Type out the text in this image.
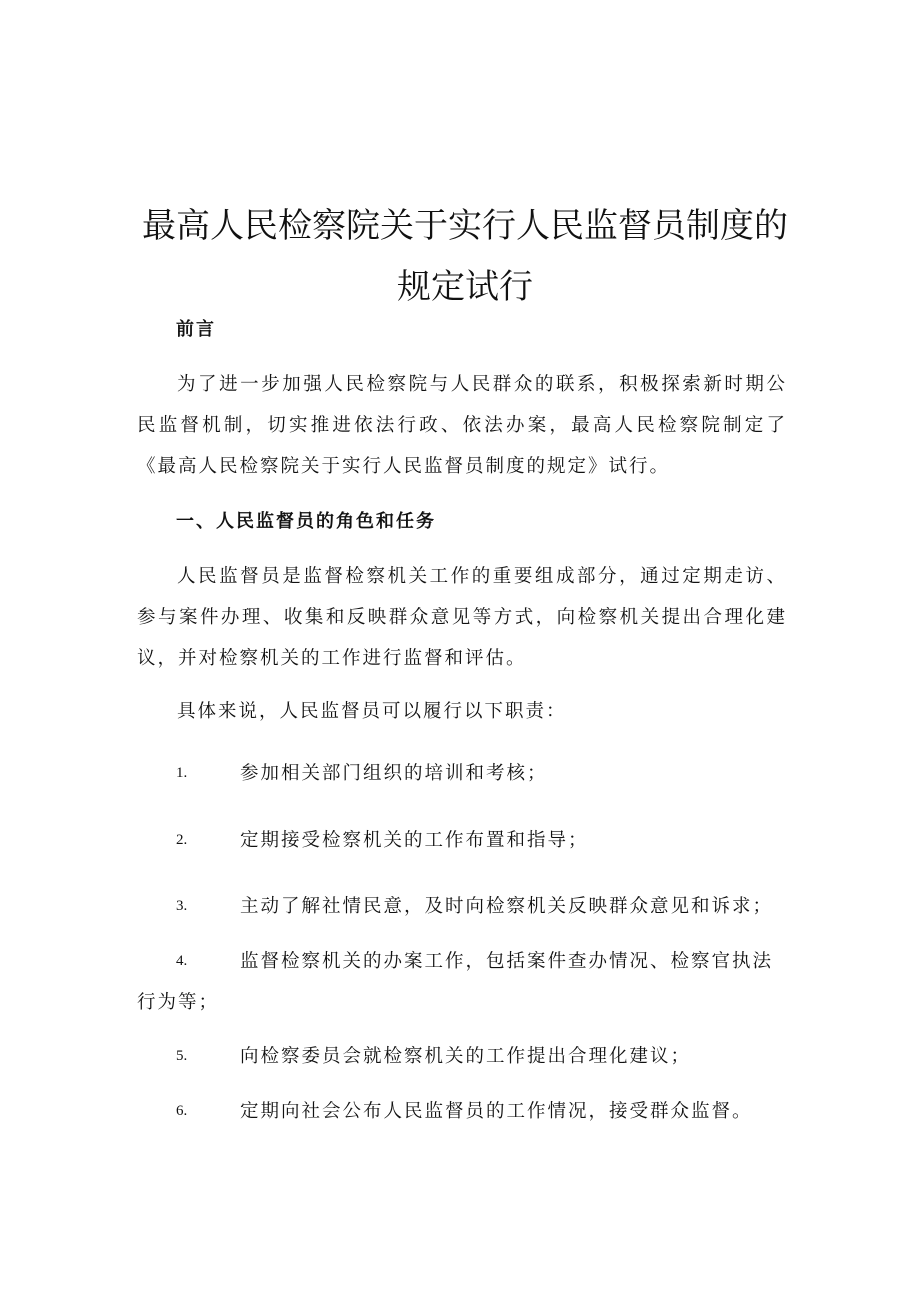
最高人民检察院关于实行人民监督员制度的规定试行
前言
为了进一步加强人民检察院与人民群众的联系，积极探索新时期公民监督机制，切实推进依法行政、依法办案，最高人民检察院制定了《最高人民检察院关于实行人民监督员制度的规定》试行。
一、人民监督员的角色和任务
人民监督员是监督检察机关工作的重要组成部分，通过定期走访、参与案件办理、收集和反映群众意见等方式，向检察机关提出合理化建议，并对检察机关的工作进行监督和评估。
具体来说，人民监督员可以履行以下职责：
1.	参加相关部门组织的培训和考核；
2.	定期接受检察机关的工作布置和指导；
3.	主动了解社情民意，及时向检察机关反映群众意见和诉求；
4.	监督检察机关的办案工作，包括案件查办情况、检察官执法行为等；
5.	向检察委员会就检察机关的工作提出合理化建议；
6.	定期向社会公布人民监督员的工作情况，接受群众监督。
